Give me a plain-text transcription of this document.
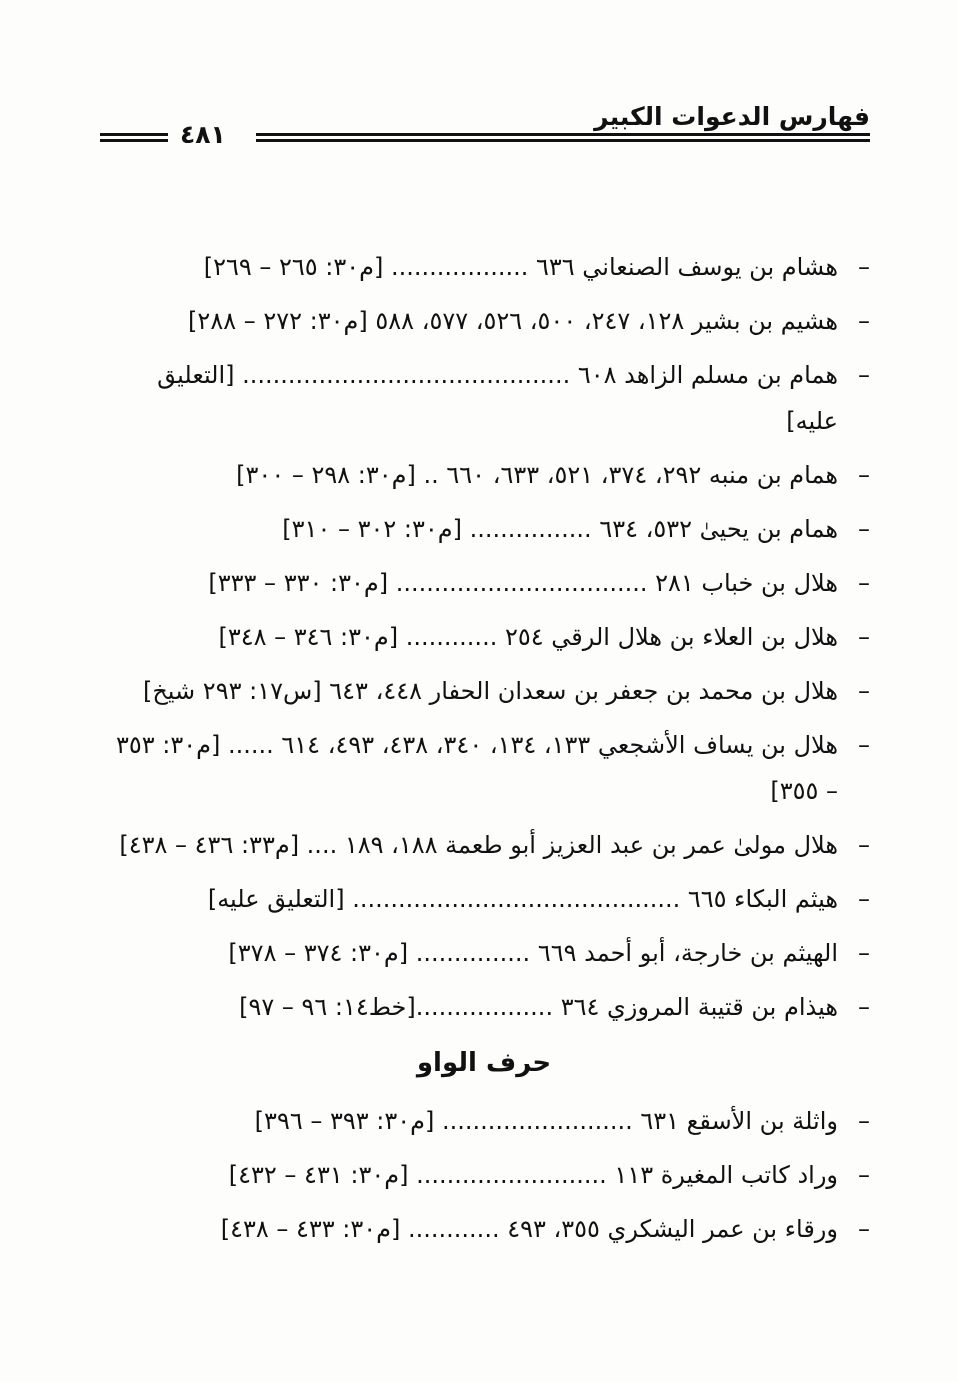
فهارس الدعوات الكبير
٤٨١
–
هشام بن يوسف الصنعاني ٦٣٦ .................. [م٣٠: ٢٦٥ – ٢٦٩]
–
هشيم بن بشير ١٢٨، ٢٤٧، ٥٠٠، ٥٢٦، ٥٧٧، ٥٨٨ [م٣٠: ٢٧٢ – ٢٨٨]
–
همام بن مسلم الزاهد ٦٠٨ ........................................... [التعليق عليه]
–
همام بن منبه ٢٩٢، ٣٧٤، ٥٢١، ٦٣٣، ٦٦٠ .. [م٣٠: ٢٩٨ – ٣٠٠]
–
همام بن يحيىٰ ٥٣٢، ٦٣٤ ................ [م٣٠: ٣٠٢ – ٣١٠]
–
هلال بن خباب ٢٨١ ................................. [م٣٠: ٣٣٠ – ٣٣٣]
–
هلال بن العلاء بن هلال الرقي ٢٥٤ ............ [م٣٠: ٣٤٦ – ٣٤٨]
–
هلال بن محمد بن جعفر بن سعدان الحفار ٤٤٨، ٦٤٣ [س١٧: ٢٩٣ شيخ]
–
هلال بن يساف الأشجعي ١٣٣، ١٣٤، ٣٤٠، ٤٣٨، ٤٩٣، ٦١٤ ...... [م٣٠: ٣٥٣ – ٣٥٥]
–
هلال مولىٰ عمر بن عبد العزيز أبو طعمة ١٨٨، ١٨٩ .... [م٣٣: ٤٣٦ – ٤٣٨]
–
هيثم البكاء ٦٦٥ ........................................... [التعليق عليه]
–
الهيثم بن خارجة، أبو أحمد ٦٦٩ ............... [م٣٠: ٣٧٤ – ٣٧٨]
–
هيذام بن قتيبة المروزي ٣٦٤ ..................[خط١٤: ٩٦ – ٩٧]
حرف الواو
–
واثلة بن الأسقع ٦٣١ ......................... [م٣٠: ٣٩٣ – ٣٩٦]
–
وراد كاتب المغيرة ١١٣ ......................... [م٣٠: ٤٣١ – ٤٣٢]
–
ورقاء بن عمر اليشكري ٣٥٥، ٤٩٣ ............ [م٣٠: ٤٣٣ – ٤٣٨]
